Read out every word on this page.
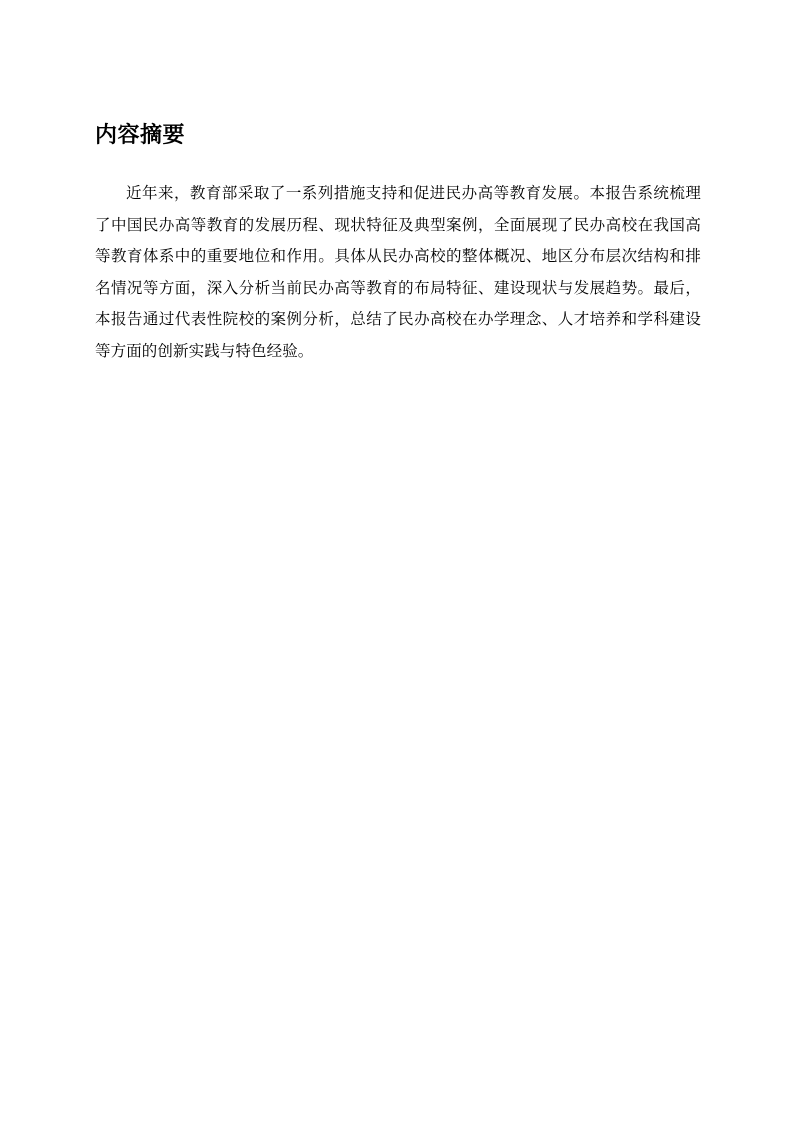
内容摘要

近年来，教育部采取了一系列措施支持和促进民办高等教育发展。本报告系统梳理了中国民办高等教育的发展历程、现状特征及典型案例，全面展现了民办高校在我国高等教育体系中的重要地位和作用。具体从民办高校的整体概况、地区分布层次结构和排名情况等方面，深入分析当前民办高等教育的布局特征、建设现状与发展趋势。最后，本报告通过代表性院校的案例分析，总结了民办高校在办学理念、人才培养和学科建设等方面的创新实践与特色经验。
